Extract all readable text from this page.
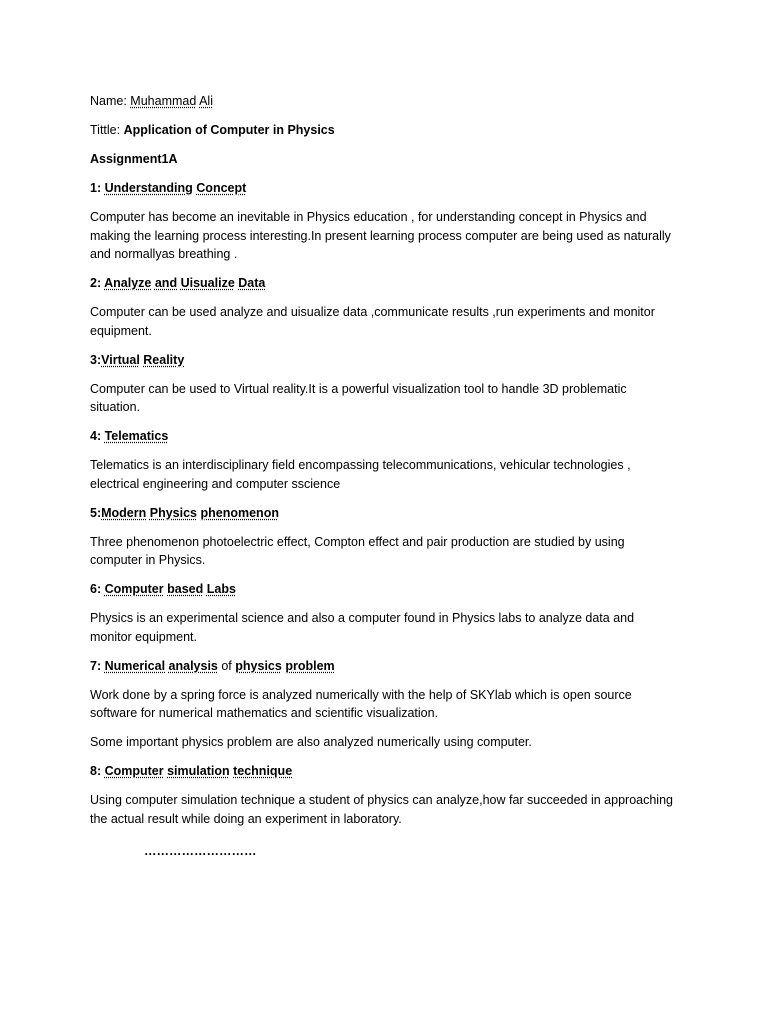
Name: Muhammad Ali

Tittle: Application of Computer in Physics

Assignment1A

1: Understanding Concept

Computer has become an inevitable in Physics education , for understanding concept in Physics and making the learning process interesting.In present learning process computer are being used as naturally and normallyas breathing .

2: Analyze and Uisualize Data

Computer can be used analyze and uisualize data ,communicate results ,run experiments and monitor equipment.

3:Virtual Reality

Computer can be used to Virtual reality.It is a powerful visualization tool to handle 3D problematic situation.

4: Telematics

Telematics is an interdisciplinary field encompassing telecommunications, vehicular technologies , electrical engineering and computer sscience

5:Modern Physics phenomenon

Three phenomenon photoelectric effect, Compton effect and pair production are studied by using computer in Physics.

6: Computer based Labs

Physics is an experimental science and also a computer found in Physics labs to analyze data and monitor equipment.

7: Numerical analysis of physics problem

Work done by a spring force is analyzed numerically with the help of SKYlab which is open source software for numerical mathematics and scientific visualization.

Some important physics problem are also analyzed numerically using computer.

8: Computer simulation technique

Using computer simulation technique a student of physics can analyze,how far succeeded in approaching the actual result while doing an experiment in laboratory.

………………………
